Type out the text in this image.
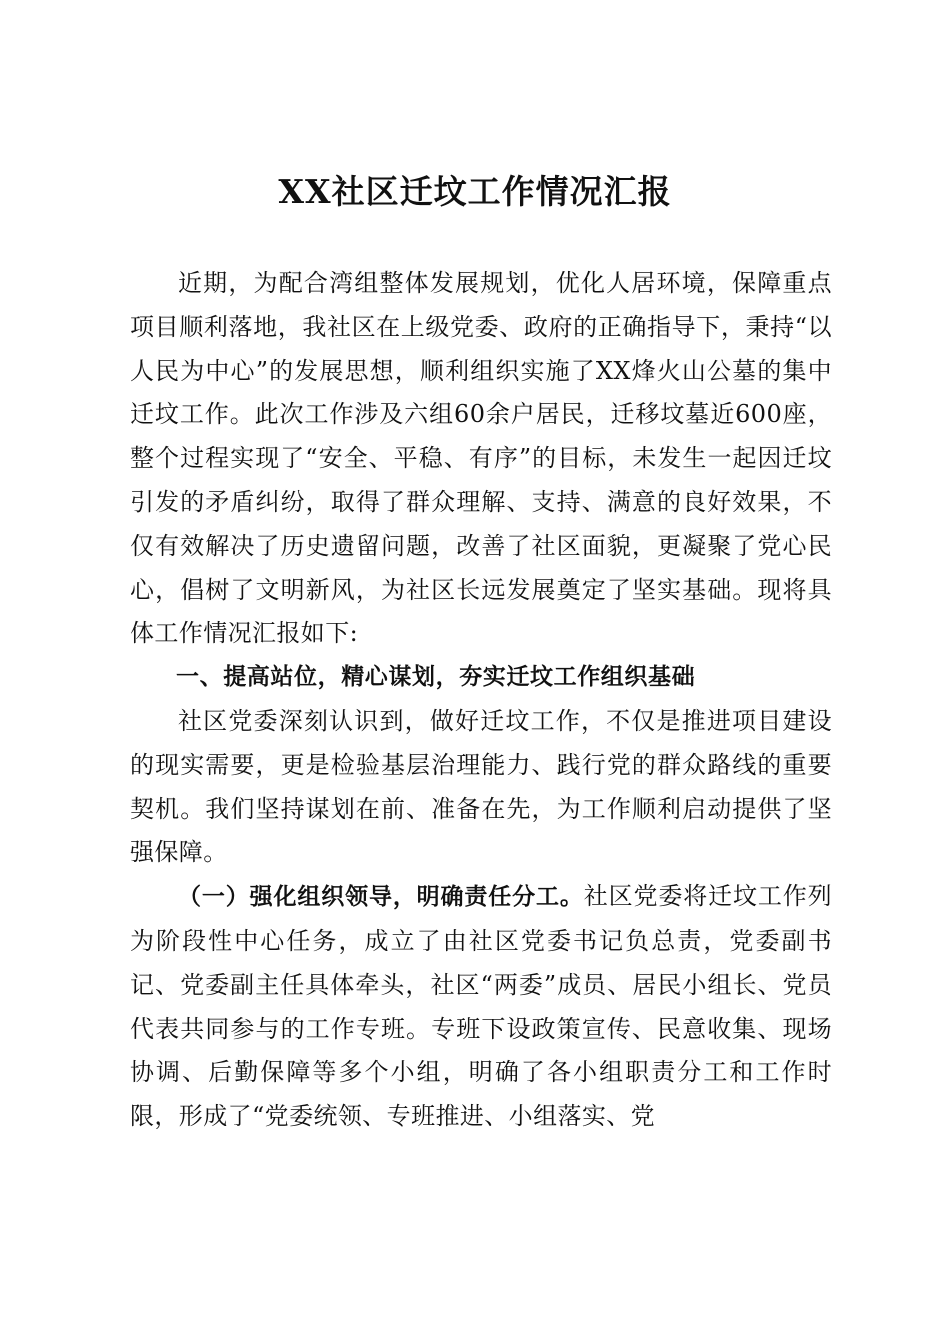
XX社区迁坟工作情况汇报

近期，为配合湾组整体发展规划，优化人居环境，保障重点项目顺利落地，我社区在上级党委、政府的正确指导下，秉持“以人民为中心”的发展思想，顺利组织实施了XX烽火山公墓的集中迁坟工作。此次工作涉及六组60余户居民，迁移坟墓近600座，整个过程实现了“安全、平稳、有序”的目标，未发生一起因迁坟引发的矛盾纠纷，取得了群众理解、支持、满意的良好效果，不仅有效解决了历史遗留问题，改善了社区面貌，更凝聚了党心民心，倡树了文明新风，为社区长远发展奠定了坚实基础。现将具体工作情况汇报如下:

一、提高站位，精心谋划，夯实迁坟工作组织基础

社区党委深刻认识到，做好迁坟工作，不仅是推进项目建设的现实需要，更是检验基层治理能力、践行党的群众路线的重要契机。我们坚持谋划在前、准备在先，为工作顺利启动提供了坚强保障。

（一）强化组织领导，明确责任分工。社区党委将迁坟工作列为阶段性中心任务，成立了由社区党委书记负总责，党委副书记、党委副主任具体牵头，社区“两委”成员、居民小组长、党员代表共同参与的工作专班。专班下设政策宣传、民意收集、现场协调、后勤保障等多个小组，明确了各小组职责分工和工作时限，形成了“党委统领、专班推进、小组落实、党
